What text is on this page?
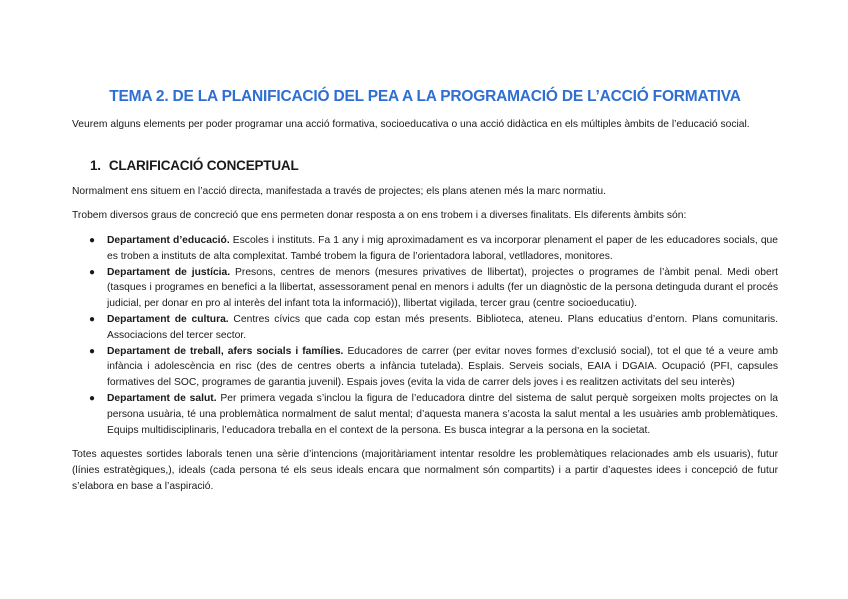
TEMA 2. DE LA PLANIFICACIÓ DEL PEA A LA PROGRAMACIÓ DE L’ACCIÓ FORMATIVA

Veurem alguns elements per poder programar una acció formativa, socioeducativa o una acció didàctica en els múltiples àmbits de l’educació social.

1. CLARIFICACIÓ CONCEPTUAL

Normalment ens situem en l’acció directa, manifestada a través de projectes; els plans atenen més la marc normatiu.

Trobem diversos graus de concreció que ens permeten donar resposta a on ens trobem i a diverses finalitats. Els diferents àmbits són:

● Departament d’educació. Escoles i instituts. Fa 1 any i mig aproximadament es va incorporar plenament el paper de les educadores socials, que es troben a instituts de alta complexitat. També trobem la figura de l’orientadora laboral, vetlladores, monitores.
● Departament de justícia. Presons, centres de menors (mesures privatives de llibertat), projectes o programes de l’àmbit penal. Medi obert (tasques i programes en benefici a la llibertat, assessorament penal en menors i adults (fer un diagnòstic de la persona detinguda durant el procés judicial, per donar en pro al interès del infant tota la informació)), llibertat vigilada, tercer grau (centre socioeducatiu).
● Departament de cultura. Centres cívics que cada cop estan més presents. Biblioteca, ateneu. Plans educatius d’entorn. Plans comunitaris. Associacions del tercer sector.
● Departament de treball, afers socials i famílies. Educadores de carrer (per evitar noves formes d’exclusió social), tot el que té a veure amb infància i adolescència en risc (des de centres oberts a infància tutelada). Esplais. Serveis socials, EAIA i DGAIA. Ocupació (PFI, capsules formatives del SOC, programes de garantia juvenil). Espais joves (evita la vida de carrer dels joves i es realitzen activitats del seu interès)
● Departament de salut. Per primera vegada s’inclou la figura de l’educadora dintre del sistema de salut perquè sorgeixen molts projectes on la persona usuària, té una problemàtica normalment de salut mental; d’aquesta manera s’acosta la salut mental a les usuàries amb problemàtiques. Equips multidisciplinaris, l’educadora treballa en el context de la persona. Es busca integrar a la persona en la societat.

Totes aquestes sortides laborals tenen una sèrie d’intencions (majoritàriament intentar resoldre les problemàtiques relacionades amb els usuaris), futur (línies estratègiques,), ideals (cada persona té els seus ideals encara que normalment són compartits) i a partir d’aquestes idees i concepció de futur s’elabora en base a l’aspiració.
